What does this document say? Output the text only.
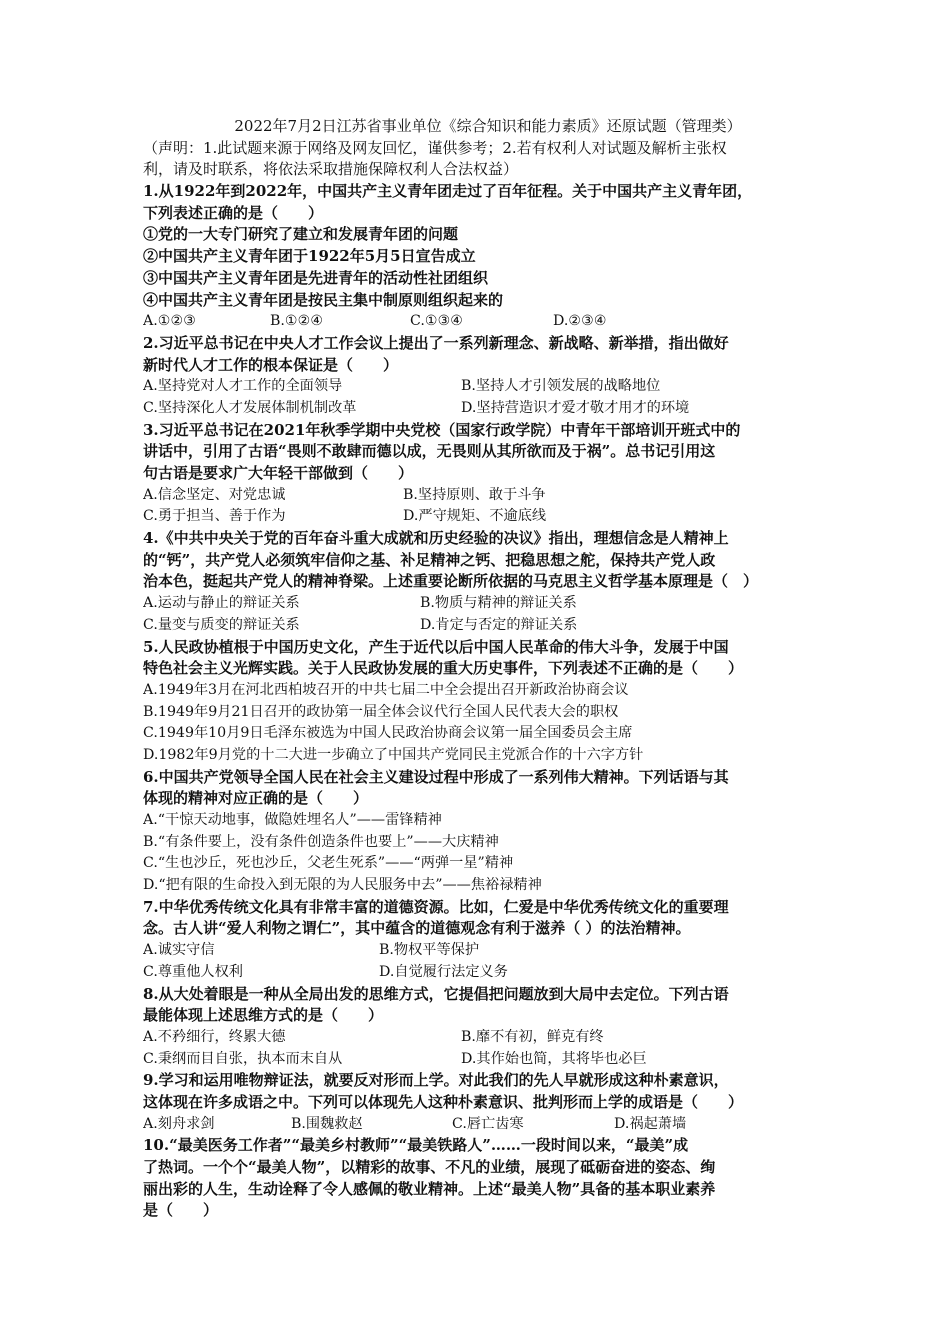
2022年7月2日江苏省事业单位《综合知识和能力素质》还原试题（管理类）
（声明：1.此试题来源于网络及网友回忆，谨供参考；2.若有权利人对试题及解析主张权
利，请及时联系，将依法采取措施保障权利人合法权益）
1.从1922年到2022年，中国共产主义青年团走过了百年征程。关于中国共产主义青年团，
下列表述正确的是（　　）
①党的一大专门研究了建立和发展青年团的问题
②中国共产主义青年团于1922年5月5日宣告成立
③中国共产主义青年团是先进青年的活动性社团组织
④中国共产主义青年团是按民主集中制原则组织起来的
A.①②③	B.①②④	C.①③④	D.②③④
2.习近平总书记在中央人才工作会议上提出了一系列新理念、新战略、新举措，指出做好
新时代人才工作的根本保证是（　　）
A.坚持党对人才工作的全面领导	B.坚持人才引领发展的战略地位
C.坚持深化人才发展体制机制改革	D.坚持营造识才爱才敬才用才的环境
3.习近平总书记在2021年秋季学期中央党校（国家行政学院）中青年干部培训开班式中的
讲话中，引用了古语“畏则不敢肆而德以成，无畏则从其所欲而及于祸”。总书记引用这
句古语是要求广大年轻干部做到（　　）
A.信念坚定、对党忠诚	B.坚持原则、敢于斗争
C.勇于担当、善于作为	D.严守规矩、不逾底线
4.《中共中央关于党的百年奋斗重大成就和历史经验的决议》指出，理想信念是人精神上
的“钙”，共产党人必须筑牢信仰之基、补足精神之钙、把稳思想之舵，保持共产党人政
治本色，挺起共产党人的精神脊梁。上述重要论断所依据的马克思主义哲学基本原理是（　）
A.运动与静止的辩证关系	B.物质与精神的辩证关系
C.量变与质变的辩证关系	D.肯定与否定的辩证关系
5.人民政协植根于中国历史文化，产生于近代以后中国人民革命的伟大斗争，发展于中国
特色社会主义光辉实践。关于人民政协发展的重大历史事件，下列表述不正确的是（　　）
A.1949年3月在河北西柏坡召开的中共七届二中全会提出召开新政治协商会议
B.1949年9月21日召开的政协第一届全体会议代行全国人民代表大会的职权
C.1949年10月9日毛泽东被选为中国人民政治协商会议第一届全国委员会主席
D.1982年9月党的十二大进一步确立了中国共产党同民主党派合作的十六字方针
6.中国共产党领导全国人民在社会主义建设过程中形成了一系列伟大精神。下列话语与其
体现的精神对应正确的是（　　）
A.“干惊天动地事，做隐姓埋名人”——雷锋精神
B.“有条件要上，没有条件创造条件也要上”——大庆精神
C.“生也沙丘，死也沙丘，父老生死系”——“两弹一星”精神
D.“把有限的生命投入到无限的为人民服务中去”——焦裕禄精神
7.中华优秀传统文化具有非常丰富的道德资源。比如，仁爱是中华优秀传统文化的重要理
念。古人讲“爱人利物之谓仁”，其中蕴含的道德观念有利于滋养（ ）的法治精神。
A.诚实守信	B.物权平等保护
C.尊重他人权利	D.自觉履行法定义务
8.从大处着眼是一种从全局出发的思维方式，它提倡把问题放到大局中去定位。下列古语
最能体现上述思维方式的是（　　）
A.不矜细行，终累大德	B.靡不有初，鲜克有终
C.秉纲而目自张，执本而末自从	D.其作始也简，其将毕也必巨
9.学习和运用唯物辩证法，就要反对形而上学。对此我们的先人早就形成这种朴素意识，
这体现在许多成语之中。下列可以体现先人这种朴素意识、批判形而上学的成语是（　　）
A.刻舟求剑	B.围魏救赵	C.唇亡齿寒	D.祸起萧墙
10.“最美医务工作者”“最美乡村教师”“最美铁路人”……一段时间以来，“最美”成
了热词。一个个“最美人物”，以精彩的故事、不凡的业绩，展现了砥砺奋进的姿态、绚
丽出彩的人生，生动诠释了令人感佩的敬业精神。上述“最美人物”具备的基本职业素养
是（　　）
